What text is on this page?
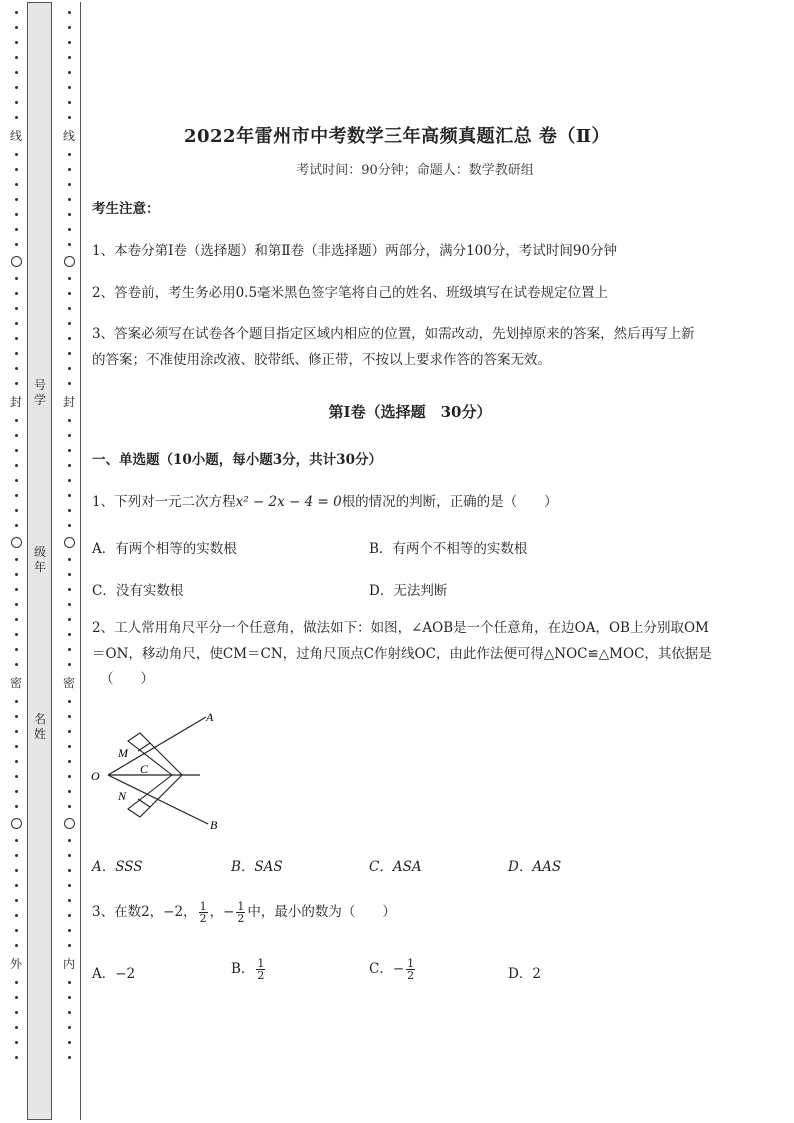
线
封
密
外
线
封
密
内
号学
级年
名姓
2022年雷州市中考数学三年高频真题汇总 卷（Ⅱ）
考试时间：90分钟；命题人：数学教研组
考生注意：
1、本卷分第I卷（选择题）和第Ⅱ卷（非选择题）两部分，满分100分，考试时间90分钟
2、答卷前，考生务必用0.5毫米黑色签字笔将自己的姓名、班级填写在试卷规定位置上
3、答案必须写在试卷各个题目指定区域内相应的位置，如需改动，先划掉原来的答案，然后再写上新
的答案；不准使用涂改液、胶带纸、修正带，不按以上要求作答的答案无效。
第I卷（选择题　30分）
一、单选题（10小题，每小题3分，共计30分）
1、下列对一元二次方程x² − 2x − 4 = 0根的情况的判断，正确的是（　　）
A．有两个相等的实数根	B．有两个不相等的实数根
C．没有实数根	D．无法判断
2、工人常用角尺平分一个任意角，做法如下：如图，∠AOB是一个任意角，在边OA，OB上分别取OM
＝ON，移动角尺，使CM＝CN，过角尺顶点C作射线OC，由此作法便可得△NOC≌△MOC，其依据是
（　　）
A
B
O
M
N
C
A．SSS	B．SAS	C．ASA	D．AAS
3、在数2，−2， $\frac{1}{2}$ ，− $\frac{1}{2}$ 中，最小的数为（　　）
A．−2	B． $\frac{1}{2}$	C．− $\frac{1}{2}$	D．2
